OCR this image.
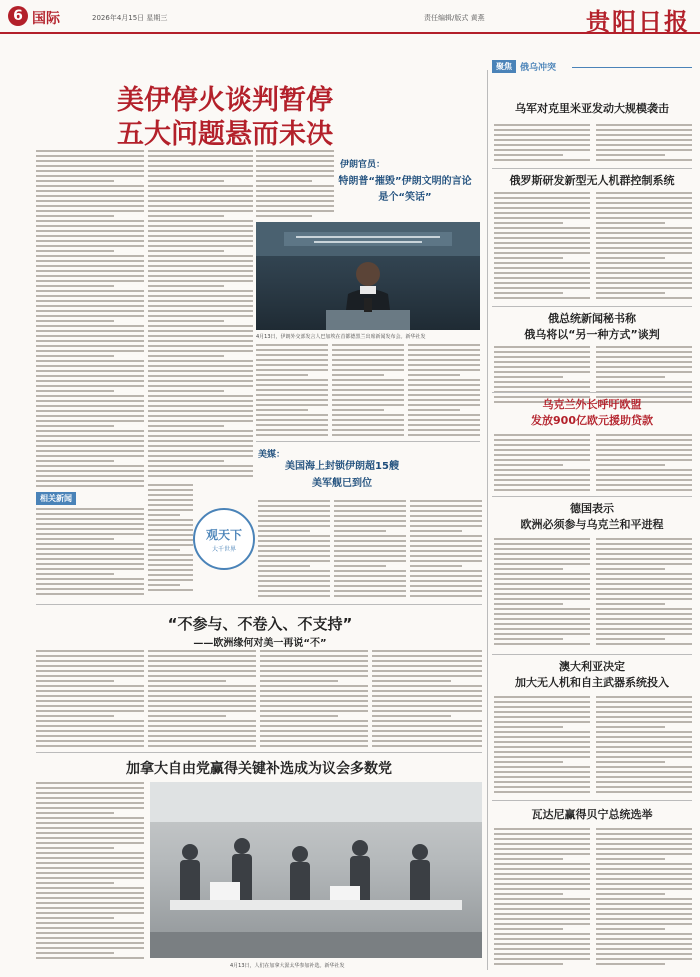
6 国际	2026年4月15日 星期三	责任编辑/版式 黄燕	贵阳日报
美伊停火谈判暂停
五大问题悬而未决
相关新闻
伊朗官员：
特朗普“摧毁”伊朗文明的言论
是个“笑话”
4月13日，伊朗外交部发言人巴加埃在首都德黑兰出席新闻发布会。新华社发
美媒：
美国海上封锁伊朗超15艘美军舰已到位
观天下
大千世界
“不参与、不卷入、不支持”
——欧洲缘何对美一再说“不”
加拿大自由党赢得关键补选成为议会多数党
4月13日，人们在加拿大渥太华参加补选。新华社发
聚焦 俄乌冲突
乌军对克里米亚发动大规模袭击
俄罗斯研发新型无人机群控制系统
俄总统新闻秘书称
俄乌将以“另一种方式”谈判
乌克兰外长呼吁欧盟
发放900亿欧元援助贷款
德国表示
欧洲必须参与乌克兰和平进程
澳大利亚决定
加大无人机和自主武器系统投入
瓦达尼赢得贝宁总统选举
